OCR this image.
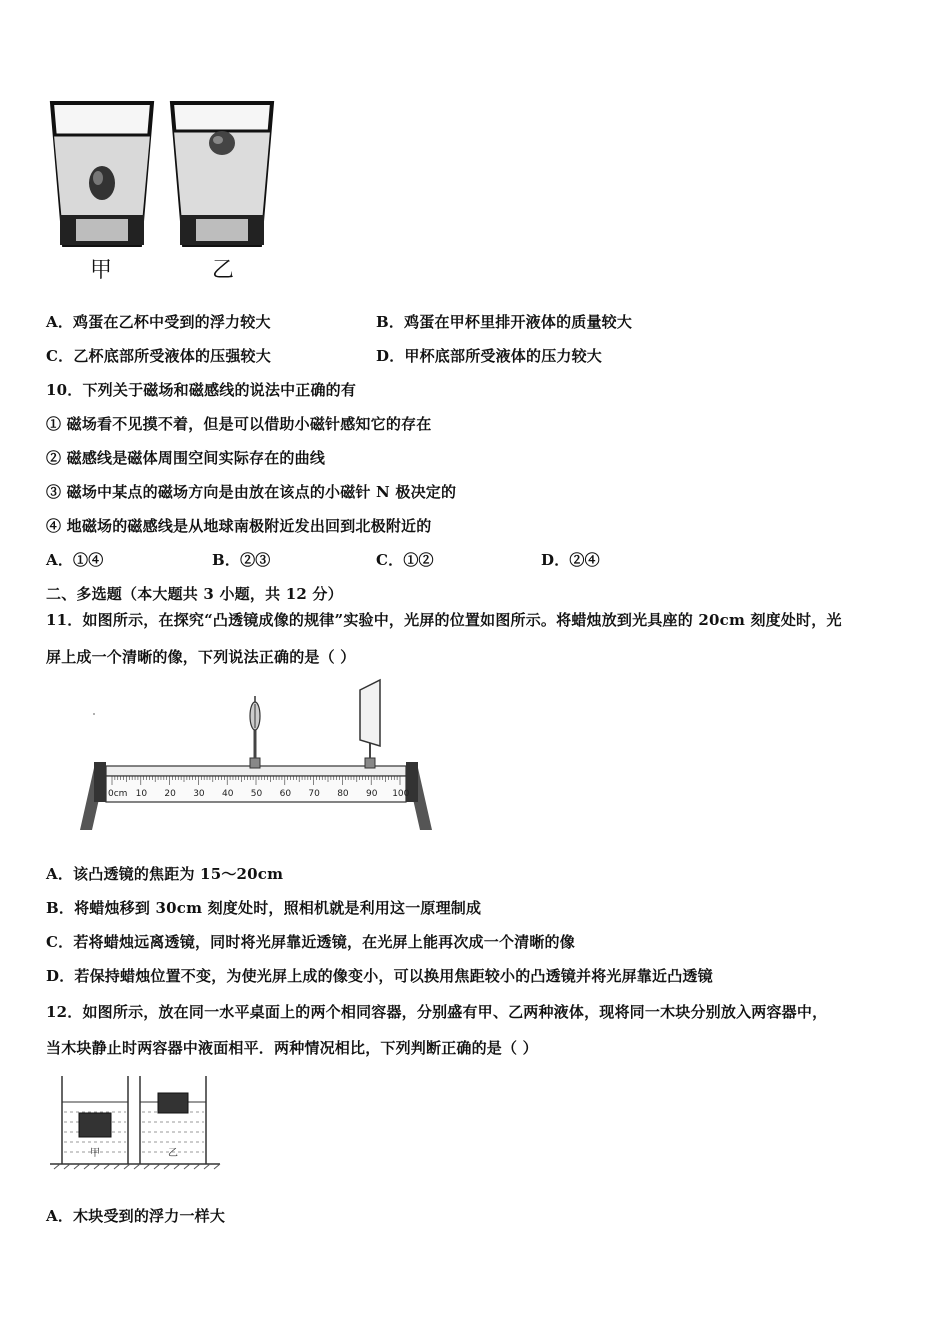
甲	乙
A．鸡蛋在乙杯中受到的浮力较大	B．鸡蛋在甲杯里排开液体的质量较大
C．乙杯底部所受液体的压强较大	D．甲杯底部所受液体的压力较大
10．下列关于磁场和磁感线的说法中正确的有
① 磁场看不见摸不着，但是可以借助小磁针感知它的存在
② 磁感线是磁体周围空间实际存在的曲线
③ 磁场中某点的磁场方向是由放在该点的小磁针 N 极决定的
④ 地磁场的磁感线是从地球南极附近发出回到北极附近的
A．①④	B．②③	C．①②	D．②④
二、多选题（本大题共 3 小题，共 12 分）
11．如图所示，在探究“凸透镜成像的规律”实验中，光屏的位置如图所示。将蜡烛放到光具座的 20cm 刻度处时，光
屏上成一个清晰的像，下列说法正确的是（ ）
0cm 10 20 30 40 50 60 70 80 90 100
A．该凸透镜的焦距为 15～20cm
B．将蜡烛移到 30cm 刻度处时，照相机就是利用这一原理制成
C．若将蜡烛远离透镜，同时将光屏靠近透镜，在光屏上能再次成一个清晰的像
D．若保持蜡烛位置不变，为使光屏上成的像变小，可以换用焦距较小的凸透镜并将光屏靠近凸透镜
12．如图所示，放在同一水平桌面上的两个相同容器，分别盛有甲、乙两种液体，现将同一木块分别放入两容器中，
当木块静止时两容器中液面相平．两种情况相比，下列判断正确的是（ ）
甲	乙
A．木块受到的浮力一样大
